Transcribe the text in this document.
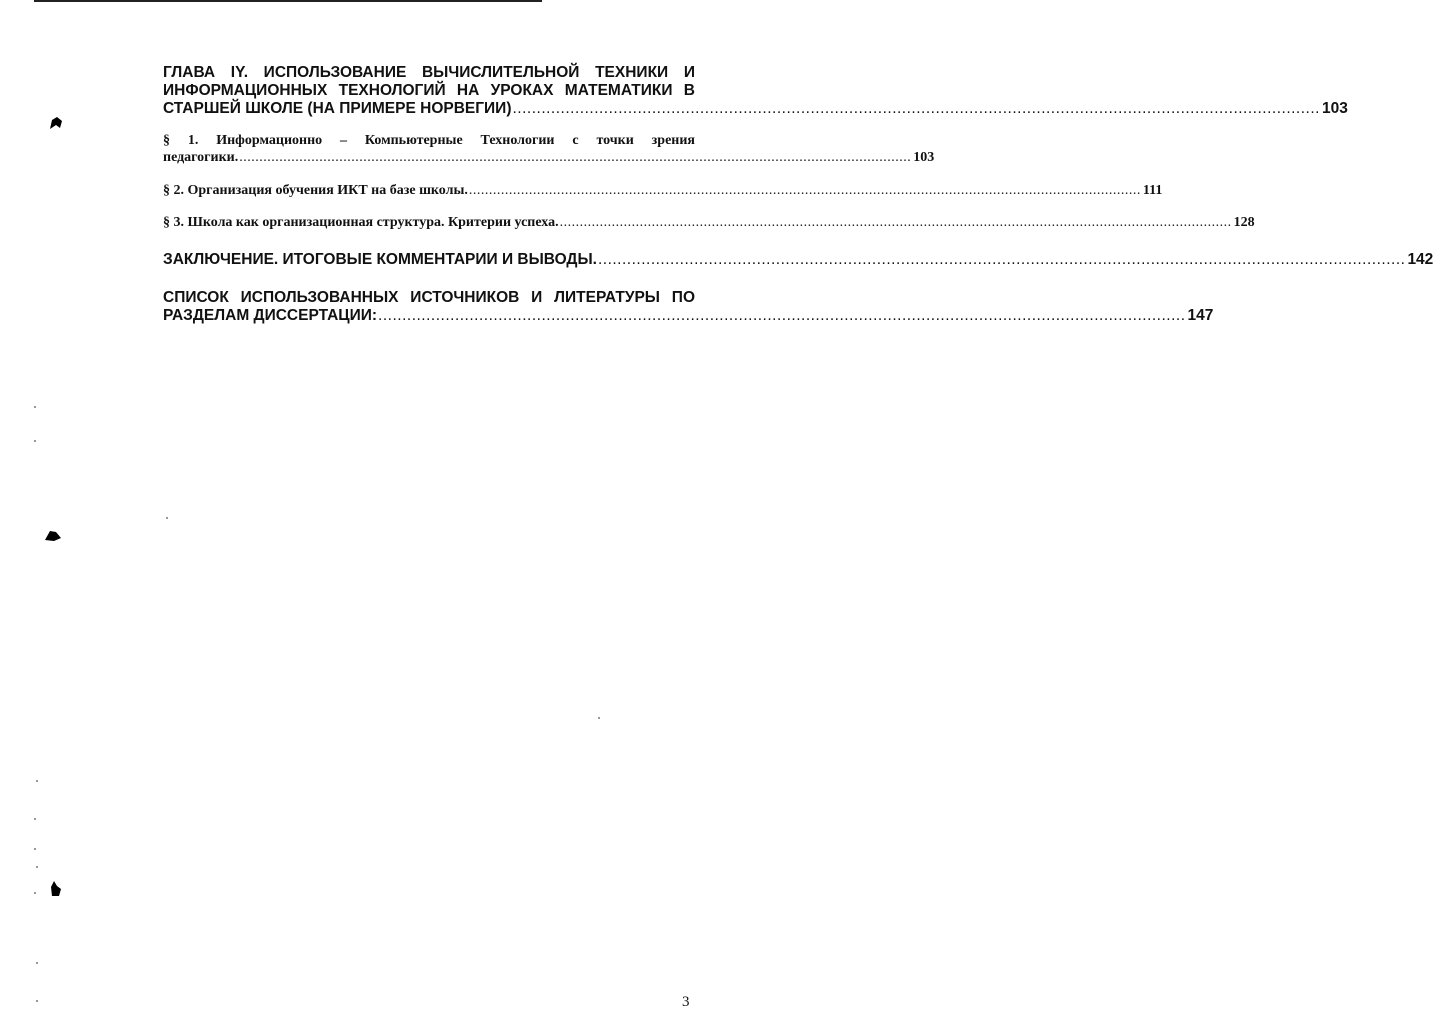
ГЛАВА IY. ИСПОЛЬЗОВАНИЕ ВЫЧИСЛИТЕЛЬНОЙ ТЕХНИКИ И
ИНФОРМАЦИОННЫХ ТЕХНОЛОГИЙ НА УРОКАХ МАТЕМАТИКИ В
СТАРШЕЙ ШКОЛЕ (НА ПРИМЕРЕ НОРВЕГИИ) ........................................................................................................................................................................ 103
§ 1. Информационно – Компьютерные Технологии с точки зрения
педагогики. ........................................................................................................................................................................ 103
§ 2. Организация обучения ИКТ на базе школы. ........................................................................................................................................................................ 111
§ 3. Школа как организационная структура. Критерии успеха. ........................................................................................................................................................................ 128
ЗАКЛЮЧЕНИЕ. ИТОГОВЫЕ КОММЕНТАРИИ И ВЫВОДЫ. ........................................................................................................................................................................ 142
СПИСОК ИСПОЛЬЗОВАННЫХ ИСТОЧНИКОВ И ЛИТЕРАТУРЫ ПО
РАЗДЕЛАМ ДИССЕРТАЦИИ: ........................................................................................................................................................................ 147
3
